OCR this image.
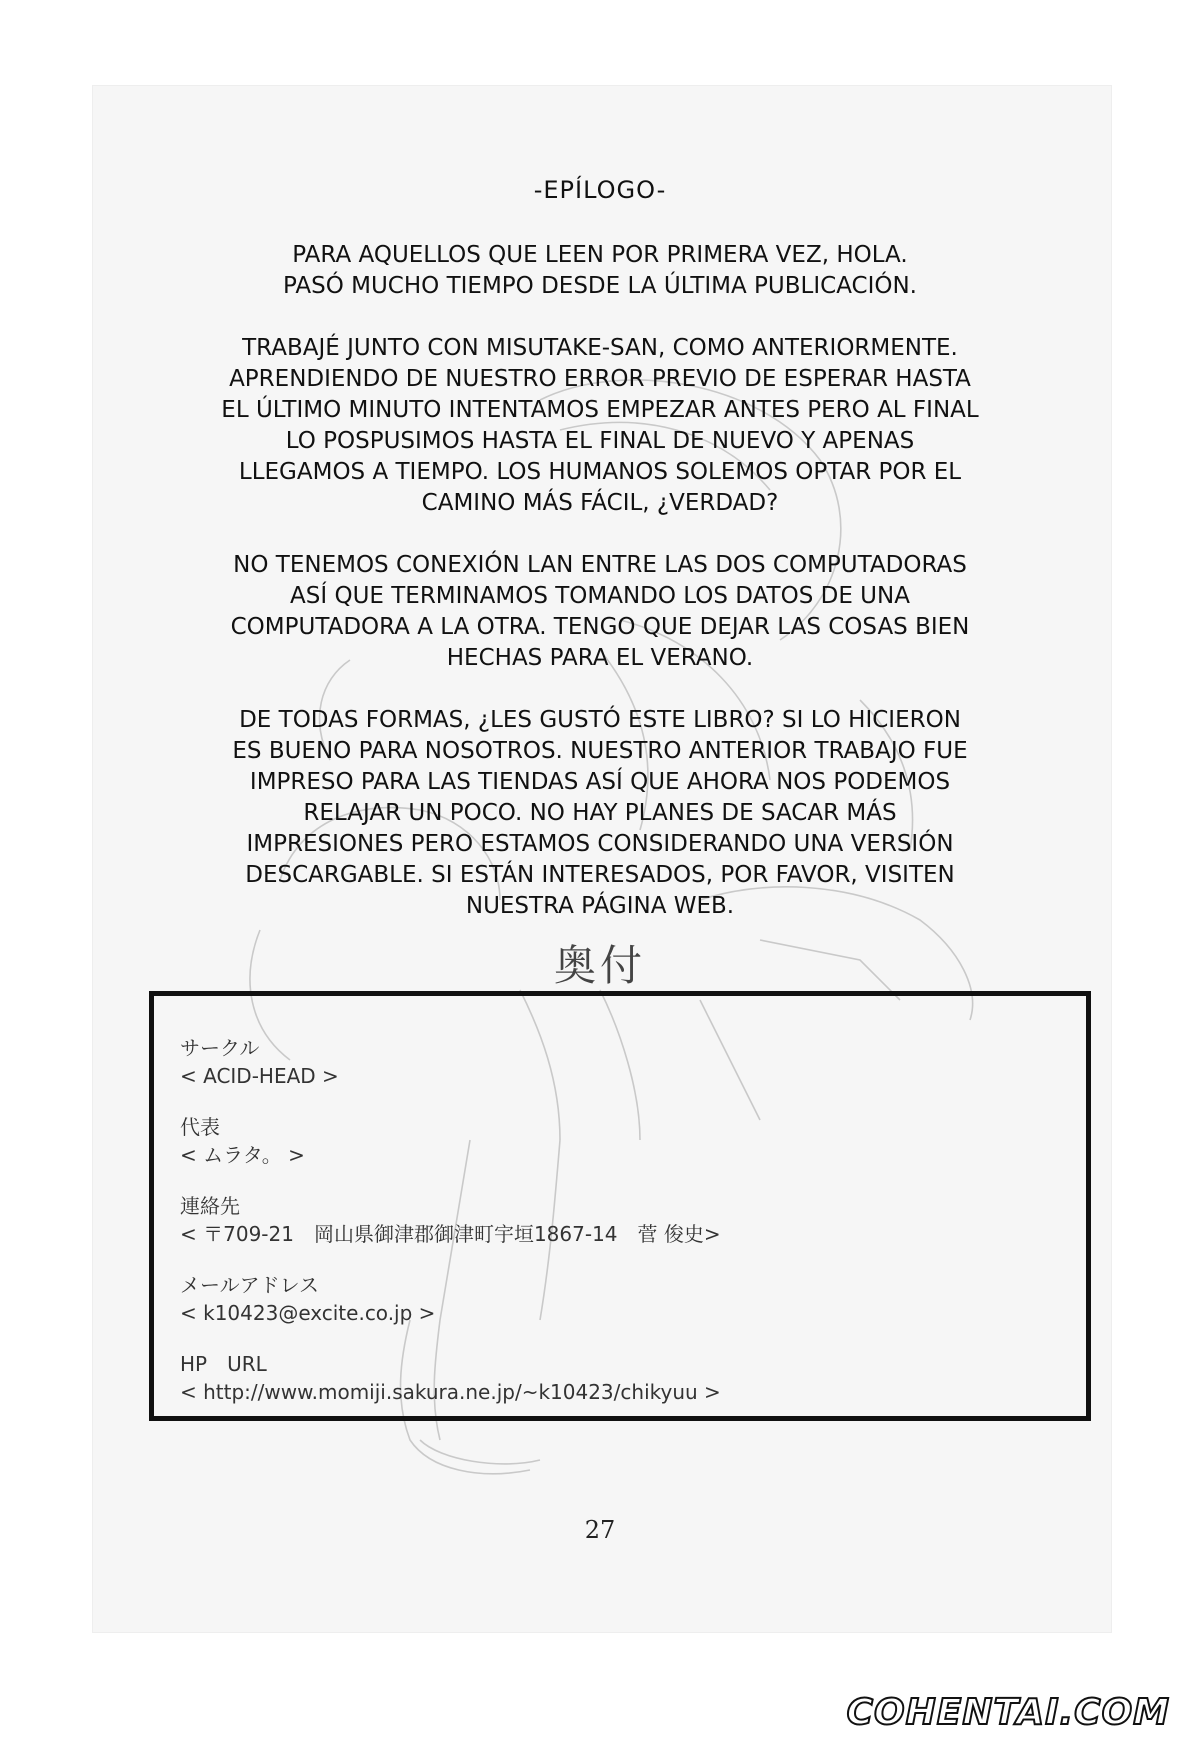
-EPÍLOGO-

PARA AQUELLOS QUE LEEN POR PRIMERA VEZ, HOLA.
PASÓ MUCHO TIEMPO DESDE LA ÚLTIMA PUBLICACIÓN.

TRABAJÉ JUNTO CON MISUTAKE-SAN, COMO ANTERIORMENTE.
APRENDIENDO DE NUESTRO ERROR PREVIO DE ESPERAR HASTA
EL ÚLTIMO MINUTO INTENTAMOS EMPEZAR ANTES PERO AL FINAL
LO POSPUSIMOS HASTA EL FINAL DE NUEVO Y APENAS
LLEGAMOS A TIEMPO. LOS HUMANOS SOLEMOS OPTAR POR EL
CAMINO MÁS FÁCIL, ¿VERDAD?

NO TENEMOS CONEXIÓN LAN ENTRE LAS DOS COMPUTADORAS
ASÍ QUE TERMINAMOS TOMANDO LOS DATOS DE UNA
COMPUTADORA A LA OTRA. TENGO QUE DEJAR LAS COSAS BIEN
HECHAS PARA EL VERANO.

DE TODAS FORMAS, ¿LES GUSTÓ ESTE LIBRO? SI LO HICIERON
ES BUENO PARA NOSOTROS. NUESTRO ANTERIOR TRABAJO FUE
IMPRESO PARA LAS TIENDAS ASÍ QUE AHORA NOS PODEMOS
RELAJAR UN POCO. NO HAY PLANES DE SACAR MÁS
IMPRESIONES PERO ESTAMOS CONSIDERANDO UNA VERSIÓN
DESCARGABLE. SI ESTÁN INTERESADOS, POR FAVOR, VISITEN
NUESTRA PÁGINA WEB.

奥付
サークル
< ACID-HEAD >
代表
< ムラタ。 >
連絡先
< 〒709-21　岡山県御津郡御津町宇垣1867-14　菅 俊史>
メールアドレス
< k10423@excite.co.jp >
HP　URL
< http://www.momiji.sakura.ne.jp/~k10423/chikyuu >
27
COHENTAI.COM
